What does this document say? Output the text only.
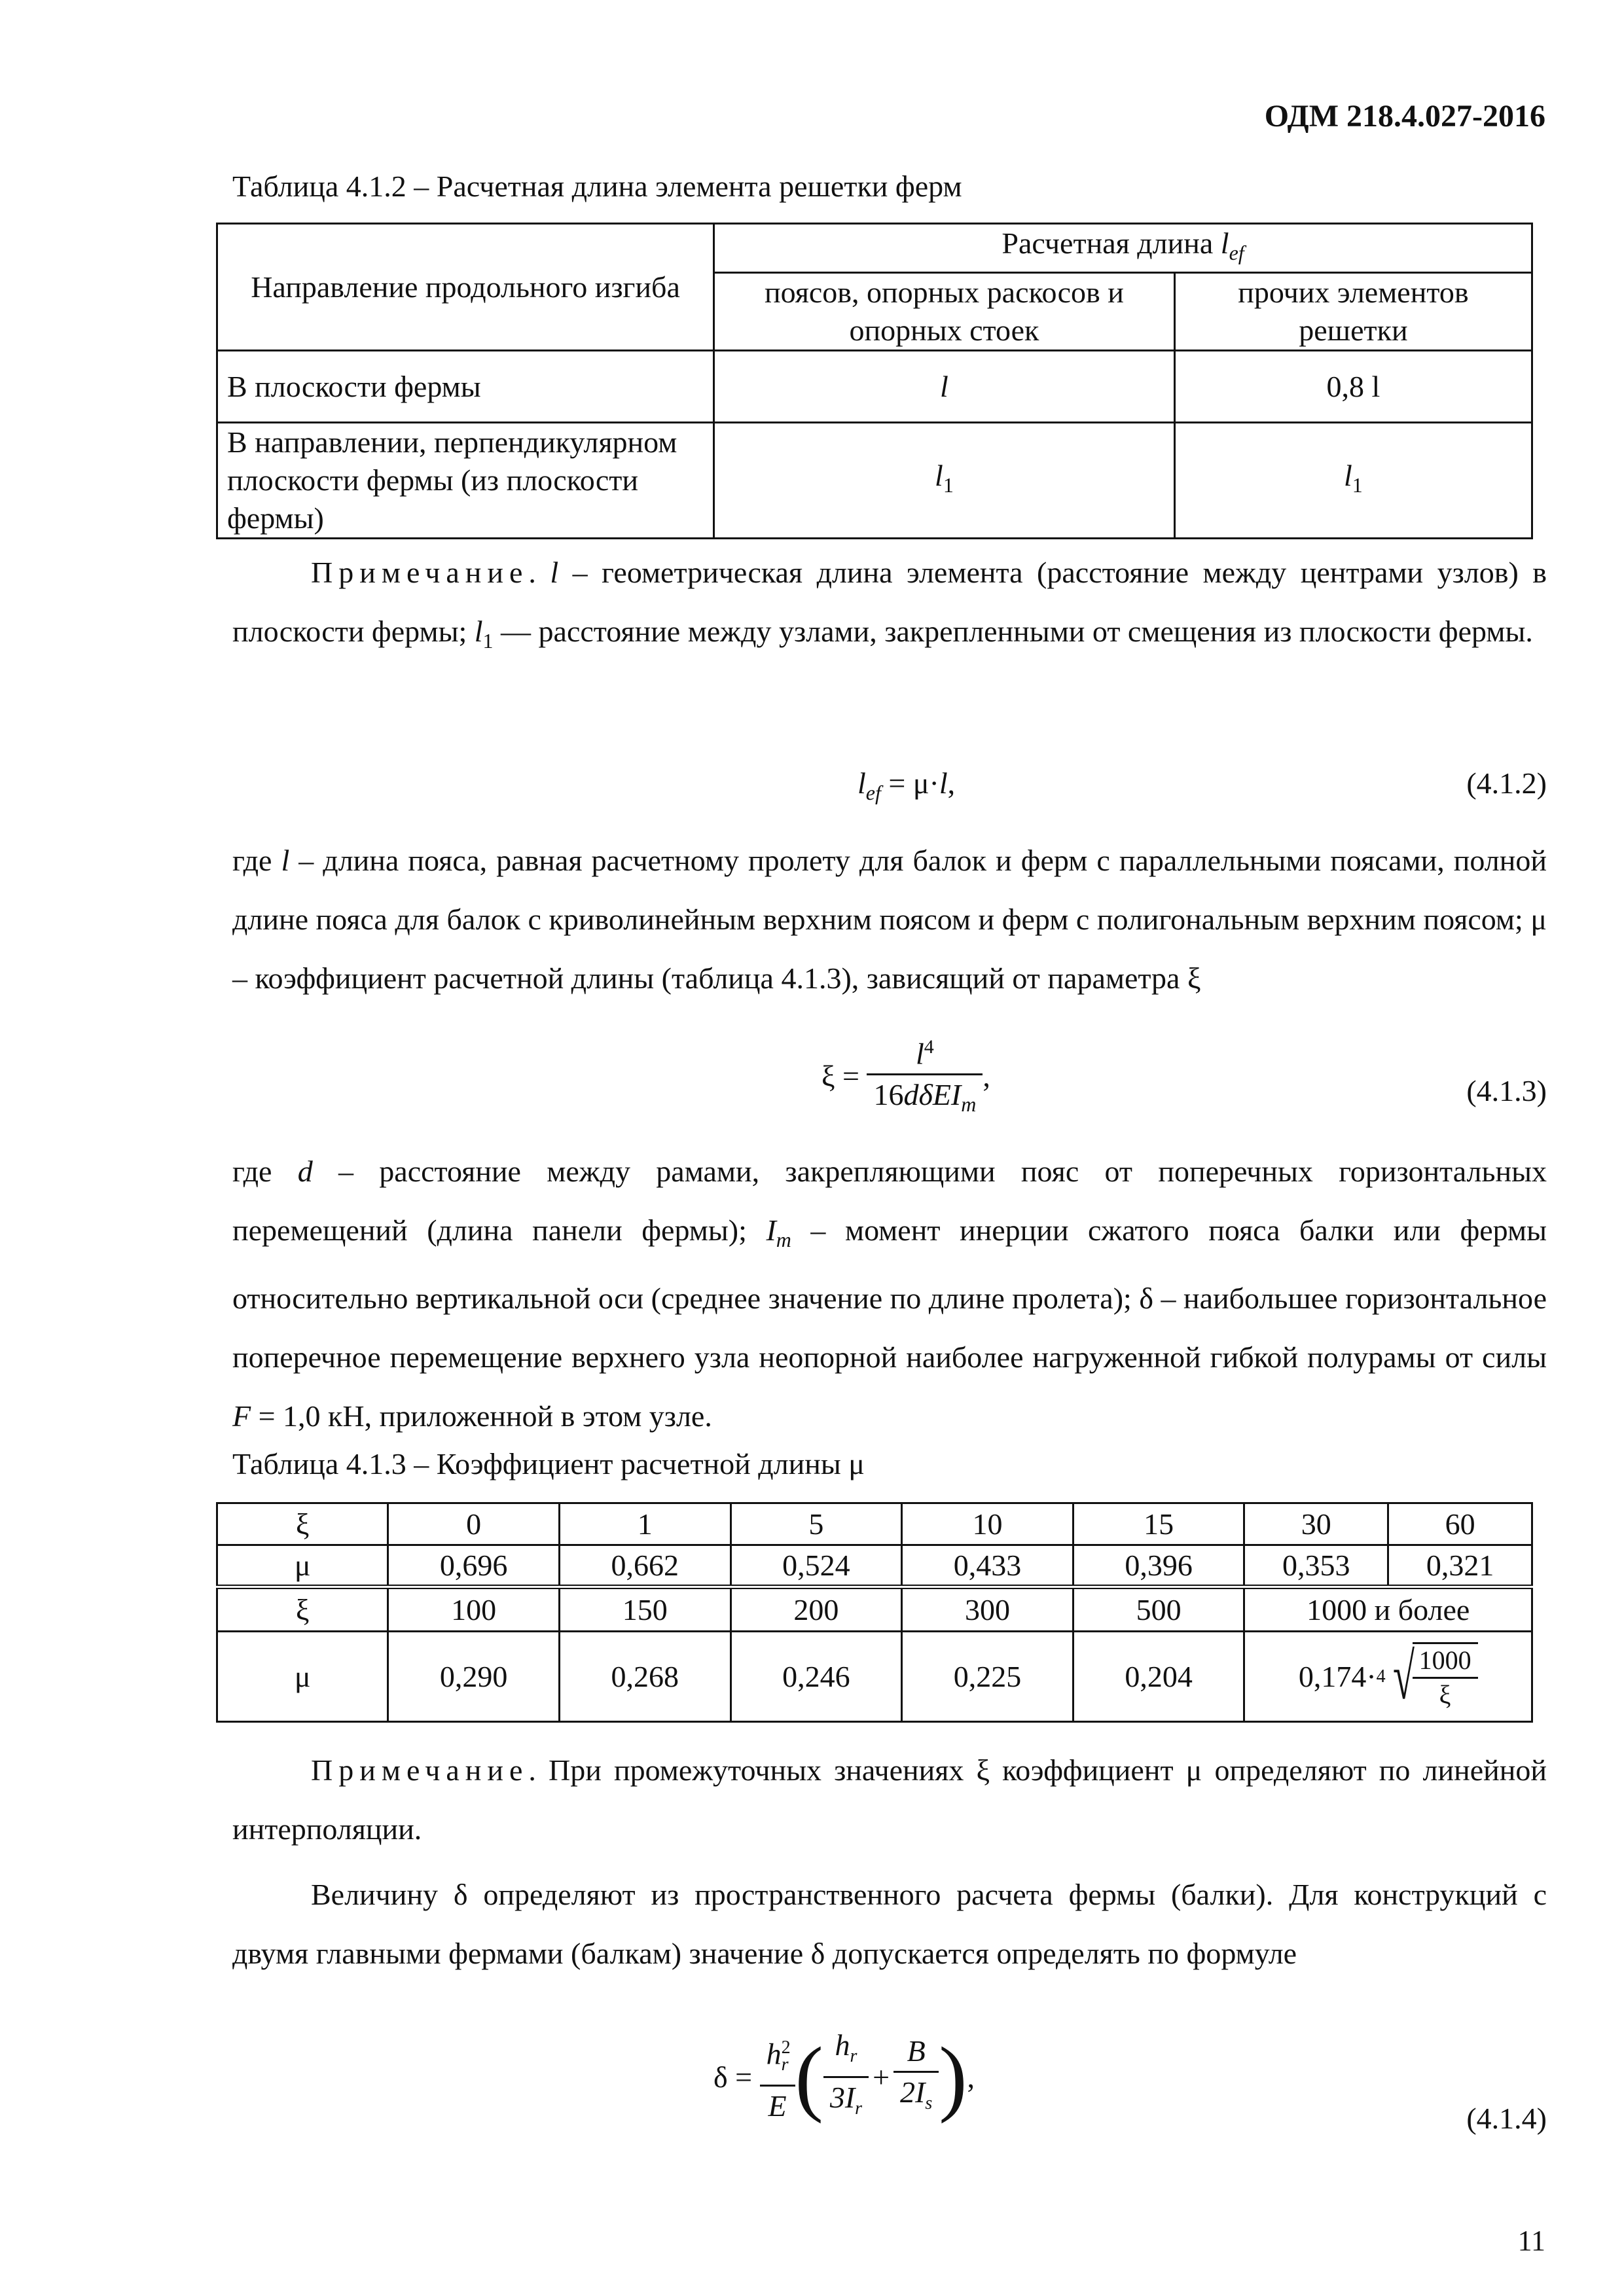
ОДМ 218.4.027-2016
Таблица 4.1.2 – Расчетная длина элемента решетки ферм
Направление продольного изгиба	Расчетная длина $l_{ef}$
	поясов, опорных раскосов и опорных стоек	прочих элементов решетки
В плоскости фермы	l	0,8 l
В направлении, перпендикулярном плоскости фермы (из плоскости фермы)	$l_1$	$l_1$
Примечание. l – геометрическая длина элемента (расстояние между центрами узлов) в плоскости фермы; $l_1$ — расстояние между узлами, закрепленными от смещения из плоскости фермы.
$l_{ef} = \mu\cdot l$,	(4.1.2)
где l – длина пояса, равная расчетному пролету для балок и ферм с параллельными поясами, полной длине пояса для балок с криволинейным верхним поясом и ферм с полигональным верхним поясом; μ – коэффициент расчетной длины (таблица 4.1.3), зависящий от параметра ξ
$\xi = \frac{l^4}{16d\delta EI_m}$ ,	(4.1.3)
где d – расстояние между рамами, закрепляющими пояс от поперечных горизонтальных перемещений (длина панели фермы); $I_m$ – момент инерции сжатого пояса балки или фермы относительно вертикальной оси (среднее значение по длине пролета); δ – наибольшее горизонтальное поперечное перемещение верхнего узла неопорной наиболее нагруженной гибкой полурамы от силы F = 1,0 кН, приложенной в этом узле.
Таблица 4.1.3 – Коэффициент расчетной длины μ
ξ	0	1	5	10	15	30	60
μ	0,696	0,662	0,524	0,433	0,396	0,353	0,321
ξ	100	150	200	300	500	1000 и более	
μ	0,290	0,268	0,246	0,225	0,204	0,174·4 √
$\frac{1000}{\xi}$
Примечание. При промежуточных значениях ξ коэффициент μ определяют по линейной интерполяции.
Величину δ определяют из пространственного расчета фермы (балки). Для конструкций с двумя главными фермами (балкам) значение δ допускается определять по формуле
$\delta = \frac{h^2_r}{E}$ ( $\frac{h_r}{3I_r} + \frac{B}{2I_s}$ ),
(4.1.4)
11
